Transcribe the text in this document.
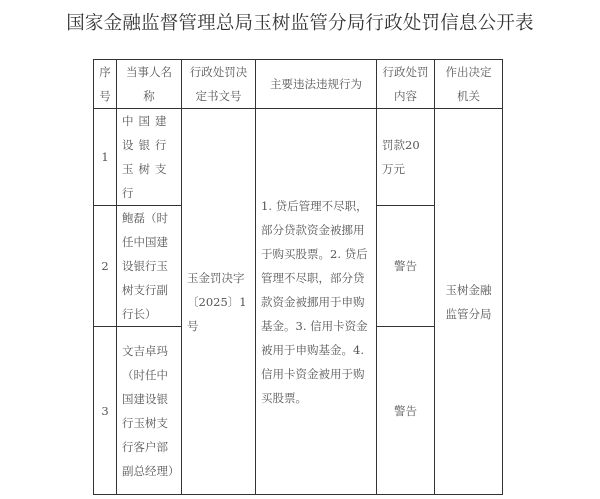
国家金融监督管理总局玉树监管分局行政处罚信息公开表
序号	当事人名称	行政处罚决定书文号	主要违法违规行为	行政处罚内容	作出决定机关
1	中国建设银行玉树支行	玉金罚决字〔2025〕1号	1. 贷后管理不尽职，部分贷款资金被挪用于购买股票。2. 贷后管理不尽职，部分贷款资金被挪用于申购基金。3. 信用卡资金被用于申购基金。4. 信用卡资金被用于购买股票。	罚款20万元	玉树金融监管分局
2	鲍磊（时任中国建设银行玉树支行副行长）			警告	
3	文吉卓玛（时任中国建设银行玉树支行客户部副总经理）			警告	
